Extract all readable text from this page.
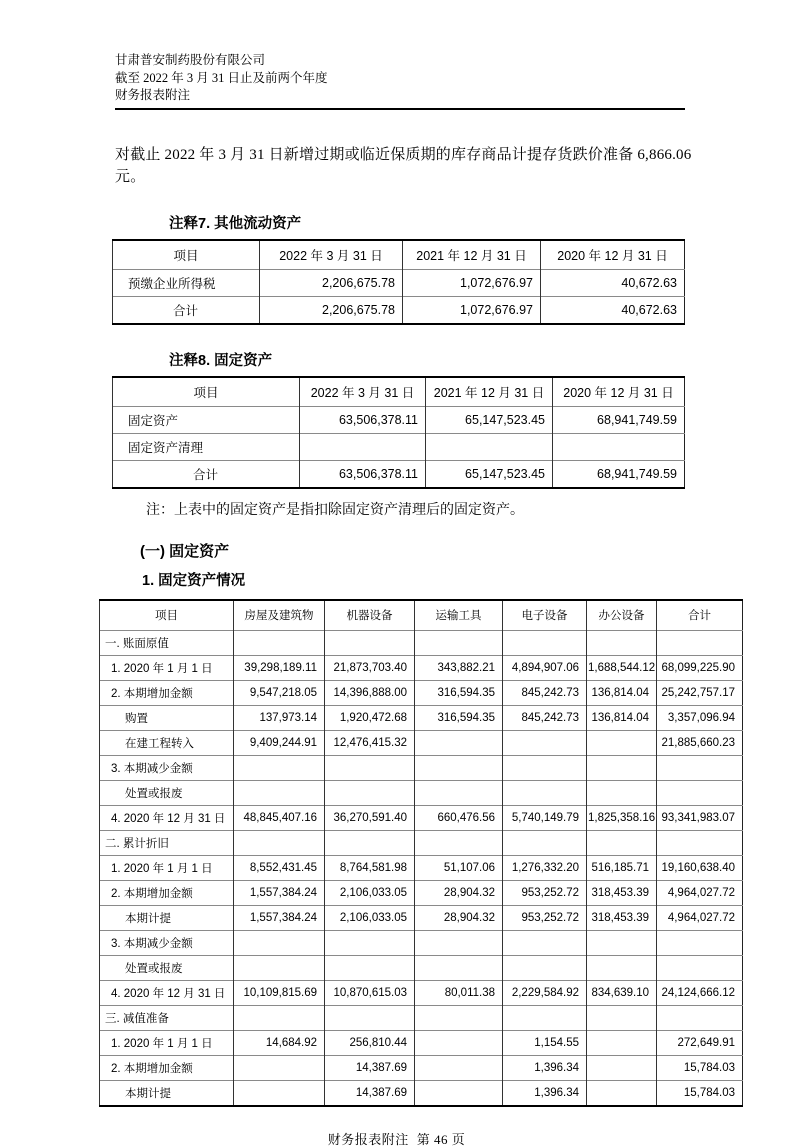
甘肃普安制药股份有限公司
截至 2022 年 3 月 31 日止及前两个年度
财务报表附注
对截止 2022 年 3 月 31 日新增过期或临近保质期的库存商品计提存货跌价准备 6,866.06 元。
注释7. 其他流动资产
项目	2022 年 3 月 31 日	2021 年 12 月 31 日	2020 年 12 月 31 日
预缴企业所得税	2,206,675.78	1,072,676.97	40,672.63
合计	2,206,675.78	1,072,676.97	40,672.63
注释8. 固定资产
项目	2022 年 3 月 31 日	2021 年 12 月 31 日	2020 年 12 月 31 日
固定资产	63,506,378.11	65,147,523.45	68,941,749.59
固定资产清理			
合计	63,506,378.11	65,147,523.45	68,941,749.59
注：上表中的固定资产是指扣除固定资产清理后的固定资产。
(一) 固定资产
1. 固定资产情况
项目	房屋及建筑物	机器设备	运输工具	电子设备	办公设备	合计
一. 账面原值						
1. 2020 年 1 月 1 日	39,298,189.11	21,873,703.40	343,882.21	4,894,907.06	1,688,544.12	68,099,225.90
2. 本期增加金额	9,547,218.05	14,396,888.00	316,594.35	845,242.73	136,814.04	25,242,757.17
购置	137,973.14	1,920,472.68	316,594.35	845,242.73	136,814.04	3,357,096.94
在建工程转入	9,409,244.91	12,476,415.32				21,885,660.23
3. 本期减少金额						
处置或报废						
4. 2020 年 12 月 31 日	48,845,407.16	36,270,591.40	660,476.56	5,740,149.79	1,825,358.16	93,341,983.07
二. 累计折旧						
1. 2020 年 1 月 1 日	8,552,431.45	8,764,581.98	51,107.06	1,276,332.20	516,185.71	19,160,638.40
2. 本期增加金额	1,557,384.24	2,106,033.05	28,904.32	953,252.72	318,453.39	4,964,027.72
本期计提	1,557,384.24	2,106,033.05	28,904.32	953,252.72	318,453.39	4,964,027.72
3. 本期减少金额						
处置或报废						
4. 2020 年 12 月 31 日	10,109,815.69	10,870,615.03	80,011.38	2,229,584.92	834,639.10	24,124,666.12
三. 减值准备						
1. 2020 年 1 月 1 日	14,684.92	256,810.44		1,154.55		272,649.91
2. 本期增加金额		14,387.69		1,396.34		15,784.03
本期计提		14,387.69		1,396.34		15,784.03
财务报表附注 第 46 页
